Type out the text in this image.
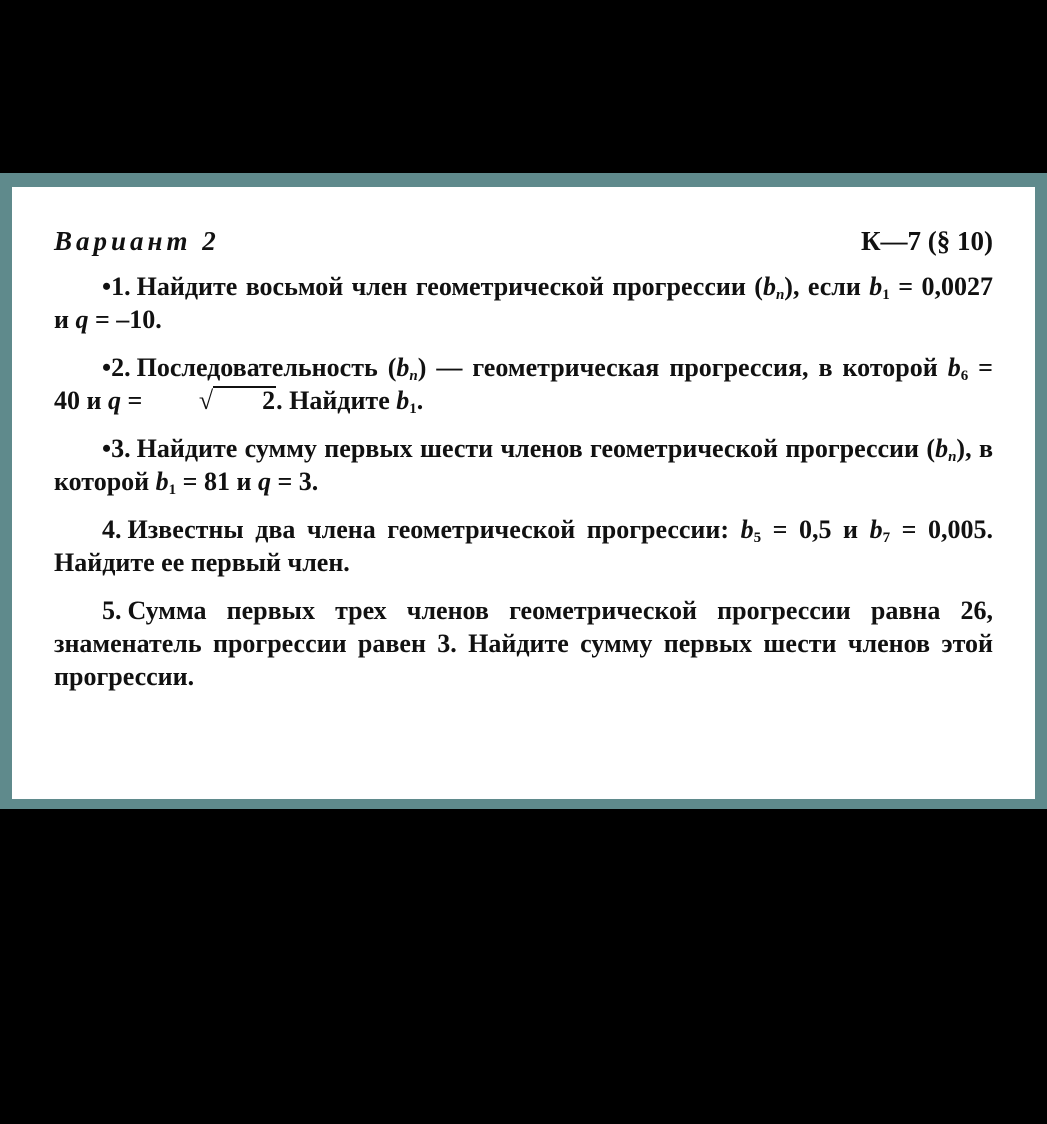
Вариант 2	К—7 (§ 10)

•1. Найдите восьмой член геометрической прогрессии $(b_n)$, если $b_1 = 0,0027$ и q = –10.

•2. Последовательность $(b_n)$ — геометрическая прогрессия, в которой $b_6 = 40$ и q = √ 2. Найдите $b_1$.

•3. Найдите сумму первых шести членов геометрической прогрессии $(b_n)$, в которой $b_1 = 81$ и q = 3.

4. Известны два члена геометрической прогрессии: $b_5 = 0,5$ и $b_7 = 0,005$. Найдите ее первый член.

5. Сумма первых трех членов геометрической прогрессии равна 26, знаменатель прогрессии равен 3. Найдите сумму первых шести членов этой прогрессии.
